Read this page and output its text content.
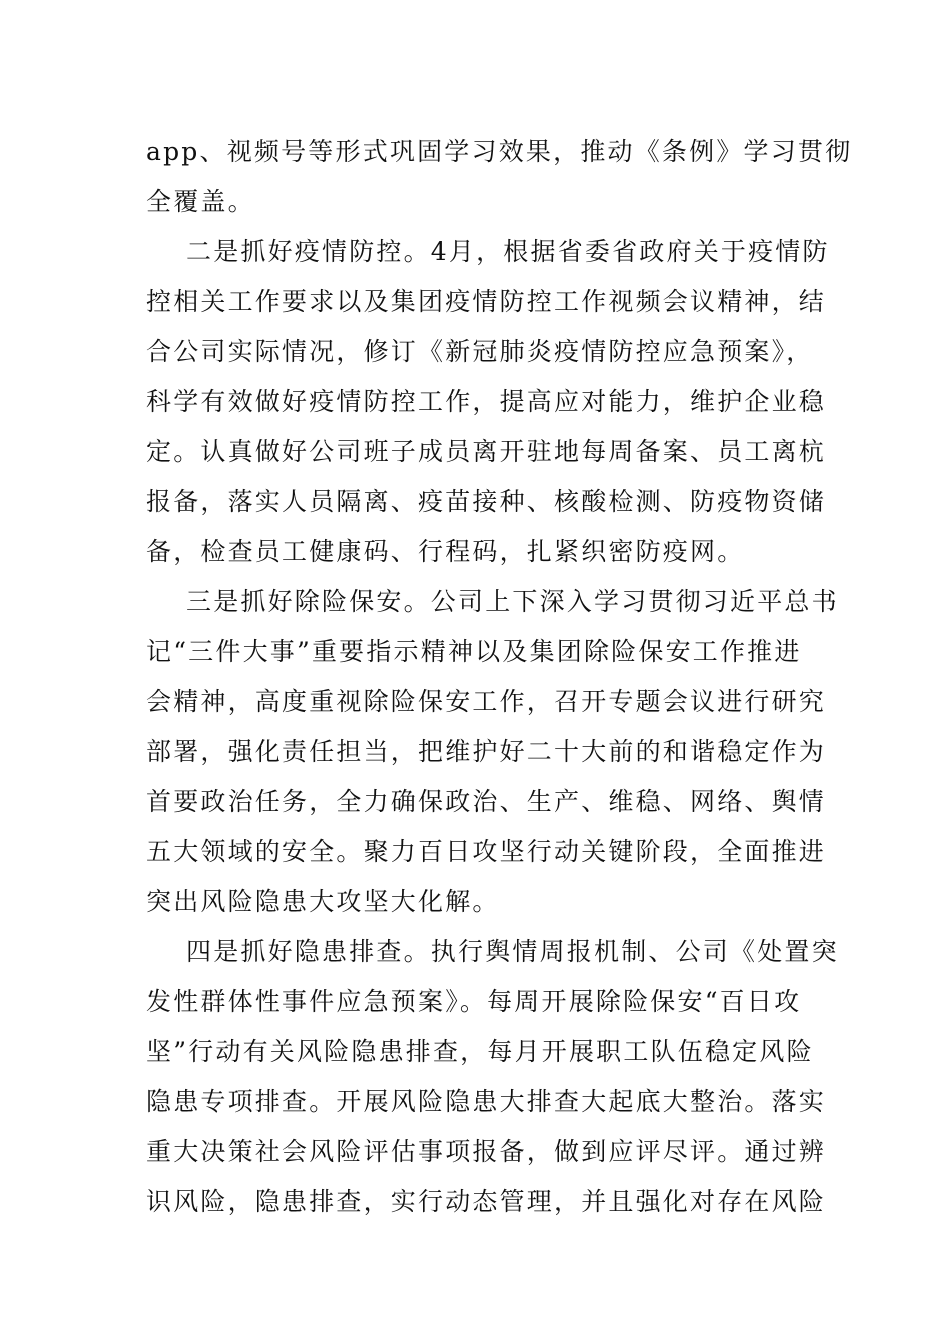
app、视频号等形式巩固学习效果，推动《条例》学习贯彻

全覆盖。

二是抓好疫情防控。4月，根据省委省政府关于疫情防

控相关工作要求以及集团疫情防控工作视频会议精神，结

合公司实际情况，修订《新冠肺炎疫情防控应急预案》，

科学有效做好疫情防控工作，提高应对能力，维护企业稳

定。认真做好公司班子成员离开驻地每周备案、员工离杭

报备，落实人员隔离、疫苗接种、核酸检测、防疫物资储

备，检查员工健康码、行程码，扎紧织密防疫网。

三是抓好除险保安。公司上下深入学习贯彻习近平总书

记“三件大事”重要指示精神以及集团除险保安工作推进

会精神，高度重视除险保安工作，召开专题会议进行研究

部署，强化责任担当，把维护好二十大前的和谐稳定作为

首要政治任务，全力确保政治、生产、维稳、网络、舆情

五大领域的安全。聚力百日攻坚行动关键阶段，全面推进

突出风险隐患大攻坚大化解。

四是抓好隐患排查。执行舆情周报机制、公司《处置突

发性群体性事件应急预案》。每周开展除险保安“百日攻

坚”行动有关风险隐患排查，每月开展职工队伍稳定风险

隐患专项排查。开展风险隐患大排查大起底大整治。落实

重大决策社会风险评估事项报备，做到应评尽评。通过辨

识风险，隐患排查，实行动态管理，并且强化对存在风险
